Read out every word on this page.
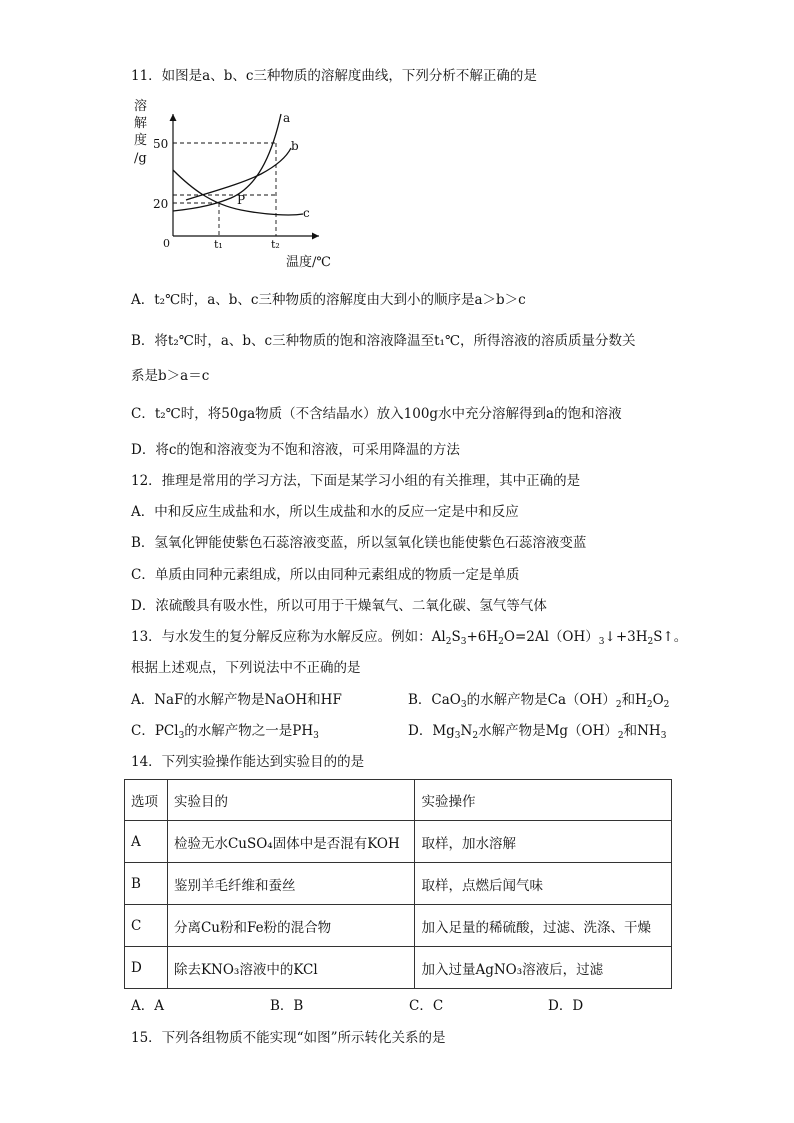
11．如图是a、b、c三种物质的溶解度曲线，下列分析不解正确的是
溶
解
度
/g
0
50
20
t₁	t₂
a
b
c
P
温度/℃
A．t₂℃时，a、b、c三种物质的溶解度由大到小的顺序是a＞b＞c
B．将t₂℃时，a、b、c三种物质的饱和溶液降温至t₁℃，所得溶液的溶质质量分数关
系是b＞a＝c
C．t₂℃时，将50ga物质（不含结晶水）放入100g水中充分溶解得到a的饱和溶液
D．将c的饱和溶液变为不饱和溶液，可采用降温的方法
12．推理是常用的学习方法，下面是某学习小组的有关推理，其中正确的是
A．中和反应生成盐和水，所以生成盐和水的反应一定是中和反应
B．氢氧化钾能使紫色石蕊溶液变蓝，所以氢氧化镁也能使紫色石蕊溶液变蓝
C．单质由同种元素组成，所以由同种元素组成的物质一定是单质
D．浓硫酸具有吸水性，所以可用于干燥氧气、二氧化碳、氢气等气体
13．与水发生的复分解反应称为水解反应。例如：$Al_2S_3+6H_2O=2Al(OH)_3↓+3H_2S↑$。
根据上述观点，下列说法中不正确的是
A．NaF的水解产物是NaOH和HF	B．CaO$_3$的水解产物是$Ca(OH)_2$和$H_2O_2$
C．PCl$_3$的水解产物之一是$PH_3$	D．$Mg_3N_2$水解产物是$Mg(OH)_2$和$NH_3$
14．下列实验操作能达到实验目的的是
选项	实验目的	实验操作
A	检验无水CuSO₄固体中是否混有KOH	取样，加水溶解
B	鉴别羊毛纤维和蚕丝	取样，点燃后闻气味
C	分离Cu粉和Fe粉的混合物	加入足量的稀硫酸，过滤、洗涤、干燥
D	除去KNO₃溶液中的KCl	加入过量AgNO₃溶液后，过滤
A．A	B．B	C．C	D．D
15．下列各组物质不能实现“如图”所示转化关系的是
